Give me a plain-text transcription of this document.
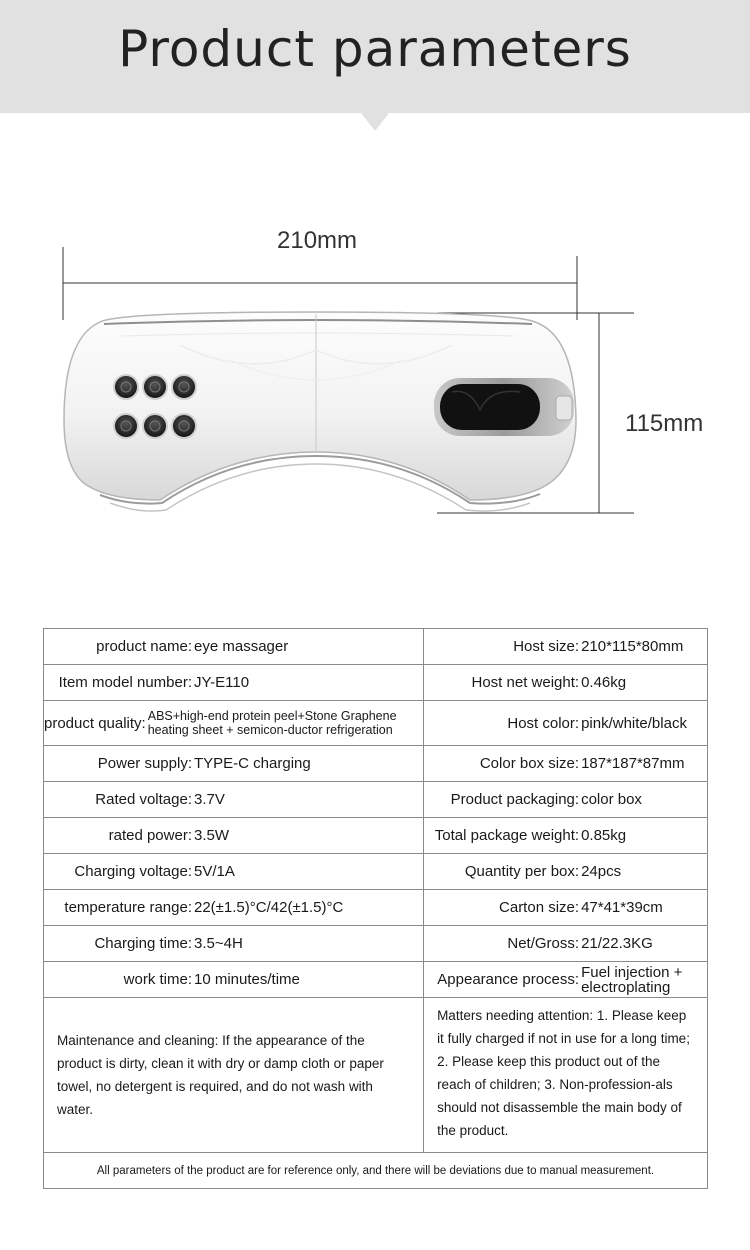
Product parameters
210mm
115mm
product name: eye massager	Host size: 210*115*80mm

Item model number: JY-E110	Host net weight: 0.46kg

product quality: ABS+high-end protein peel+Stone Graphene heating sheet + semicon-ductor refrigeration	Host color: pink/white/black

Power supply: TYPE-C charging	Color box size: 187*187*87mm

Rated voltage: 3.7V	Product packaging: color box

rated power: 3.5W	Total package weight: 0.85kg

Charging voltage: 5V/1A	Quantity per box: 24pcs

temperature range: 22(±1.5)°C/42(±1.5)°C	Carton size: 47*41*39cm

Charging time: 3.5~4H	Net/Gross: 21/22.3KG

work time: 10 minutes/time	Appearance process: Fuel injection + electroplating

Maintenance and cleaning: If the appearance of the product is dirty, clean it with dry or damp cloth or paper towel, no detergent is required, and do not wash with water.	Matters needing attention: 1. Please keep it fully charged if not in use for a long time; 2. Please keep this product out of the reach of children; 3. Non-profession-als should not disassemble the main body of the product.

All parameters of the product are for reference only, and there will be deviations due to manual measurement.	
